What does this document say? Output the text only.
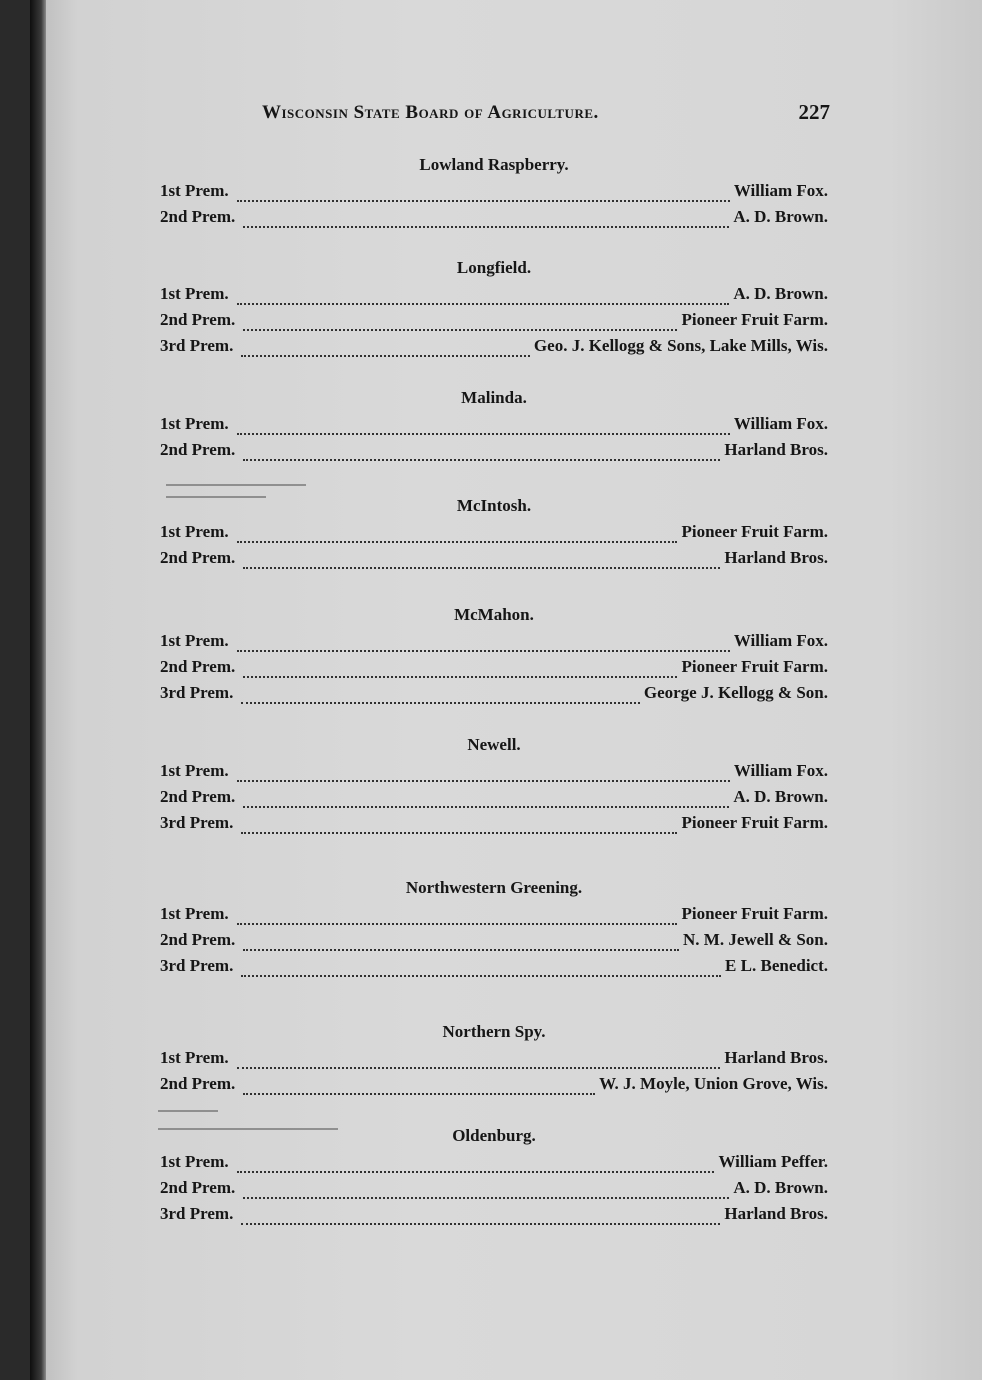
Wisconsin State Board of Agriculture.	227
Lowland Raspberry.
1st Prem.	William Fox.
2nd Prem.	A. D. Brown.
Longfield.
1st Prem.	A. D. Brown.
2nd Prem.	Pioneer Fruit Farm.
3rd Prem.	Geo. J. Kellogg & Sons, Lake Mills, Wis.
Malinda.
1st Prem.	William Fox.
2nd Prem.	Harland Bros.
McIntosh.
1st Prem.	Pioneer Fruit Farm.
2nd Prem.	Harland Bros.
McMahon.
1st Prem.	William Fox.
2nd Prem.	Pioneer Fruit Farm.
3rd Prem.	George J. Kellogg & Son.
Newell.
1st Prem.	William Fox.
2nd Prem.	A. D. Brown.
3rd Prem.	Pioneer Fruit Farm.
Northwestern Greening.
1st Prem.	Pioneer Fruit Farm.
2nd Prem.	N. M. Jewell & Son.
3rd Prem.	E L. Benedict.
Northern Spy.
1st Prem.	Harland Bros.
2nd Prem.	W. J. Moyle, Union Grove, Wis.
Oldenburg.
1st Prem.	William Peffer.
2nd Prem.	A. D. Brown.
3rd Prem.	Harland Bros.
